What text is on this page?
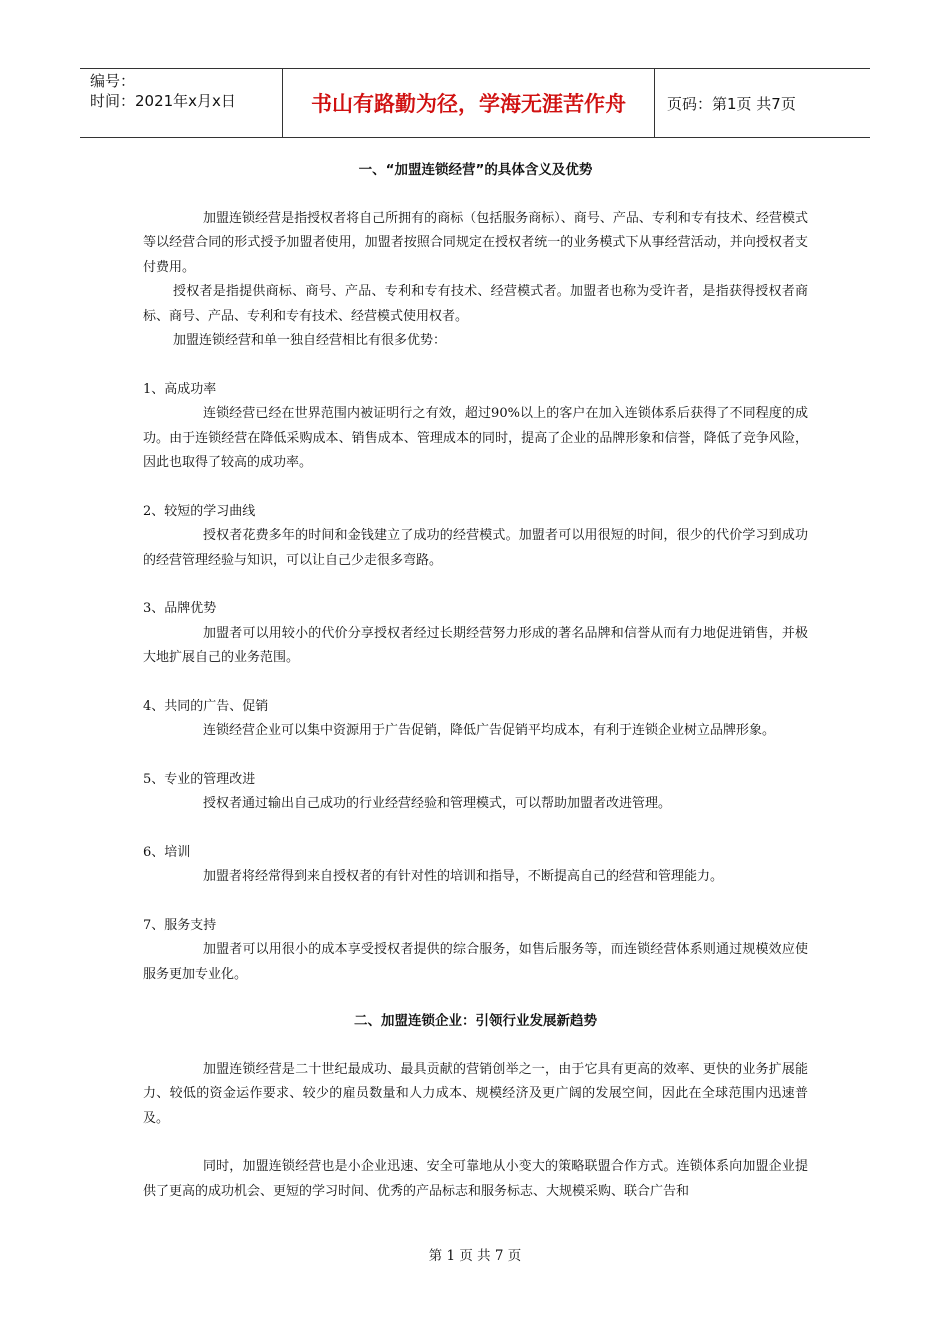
编号：
时间：2021年x月x日	书山有路勤为径，学海无涯苦作舟	页码：第1页 共7页

一、“加盟连锁经营”的具体含义及优势

加盟连锁经营是指授权者将自己所拥有的商标（包括服务商标）、商号、产品、专利和专有技术、经营模式等以经营合同的形式授予加盟者使用，加盟者按照合同规定在授权者统一的业务模式下从事经营活动，并向授权者支付费用。

授权者是指提供商标、商号、产品、专利和专有技术、经营模式者。加盟者也称为受许者，是指获得授权者商标、商号、产品、专利和专有技术、经营模式使用权者。

加盟连锁经营和单一独自经营相比有很多优势：

1、高成功率

连锁经营已经在世界范围内被证明行之有效，超过90%以上的客户在加入连锁体系后获得了不同程度的成功。由于连锁经营在降低采购成本、销售成本、管理成本的同时，提高了企业的品牌形象和信誉，降低了竞争风险，因此也取得了较高的成功率。

2、较短的学习曲线

授权者花费多年的时间和金钱建立了成功的经营模式。加盟者可以用很短的时间，很少的代价学习到成功的经营管理经验与知识，可以让自己少走很多弯路。

3、品牌优势

加盟者可以用较小的代价分享授权者经过长期经营努力形成的著名品牌和信誉从而有力地促进销售，并极大地扩展自己的业务范围。

4、共同的广告、促销

连锁经营企业可以集中资源用于广告促销，降低广告促销平均成本，有利于连锁企业树立品牌形象。

5、专业的管理改进

授权者通过输出自己成功的行业经营经验和管理模式，可以帮助加盟者改进管理。

6、培训

加盟者将经常得到来自授权者的有针对性的培训和指导，不断提高自己的经营和管理能力。

7、服务支持

加盟者可以用很小的成本享受授权者提供的综合服务，如售后服务等，而连锁经营体系则通过规模效应使服务更加专业化。

二、加盟连锁企业：引领行业发展新趋势

加盟连锁经营是二十世纪最成功、最具贡献的营销创举之一，由于它具有更高的效率、更快的业务扩展能力、较低的资金运作要求、较少的雇员数量和人力成本、规模经济及更广阔的发展空间，因此在全球范围内迅速普及。

同时，加盟连锁经营也是小企业迅速、安全可靠地从小变大的策略联盟合作方式。连锁体系向加盟企业提供了更高的成功机会、更短的学习时间、优秀的产品标志和服务标志、大规模采购、联合广告和

第 1 页 共 7 页
